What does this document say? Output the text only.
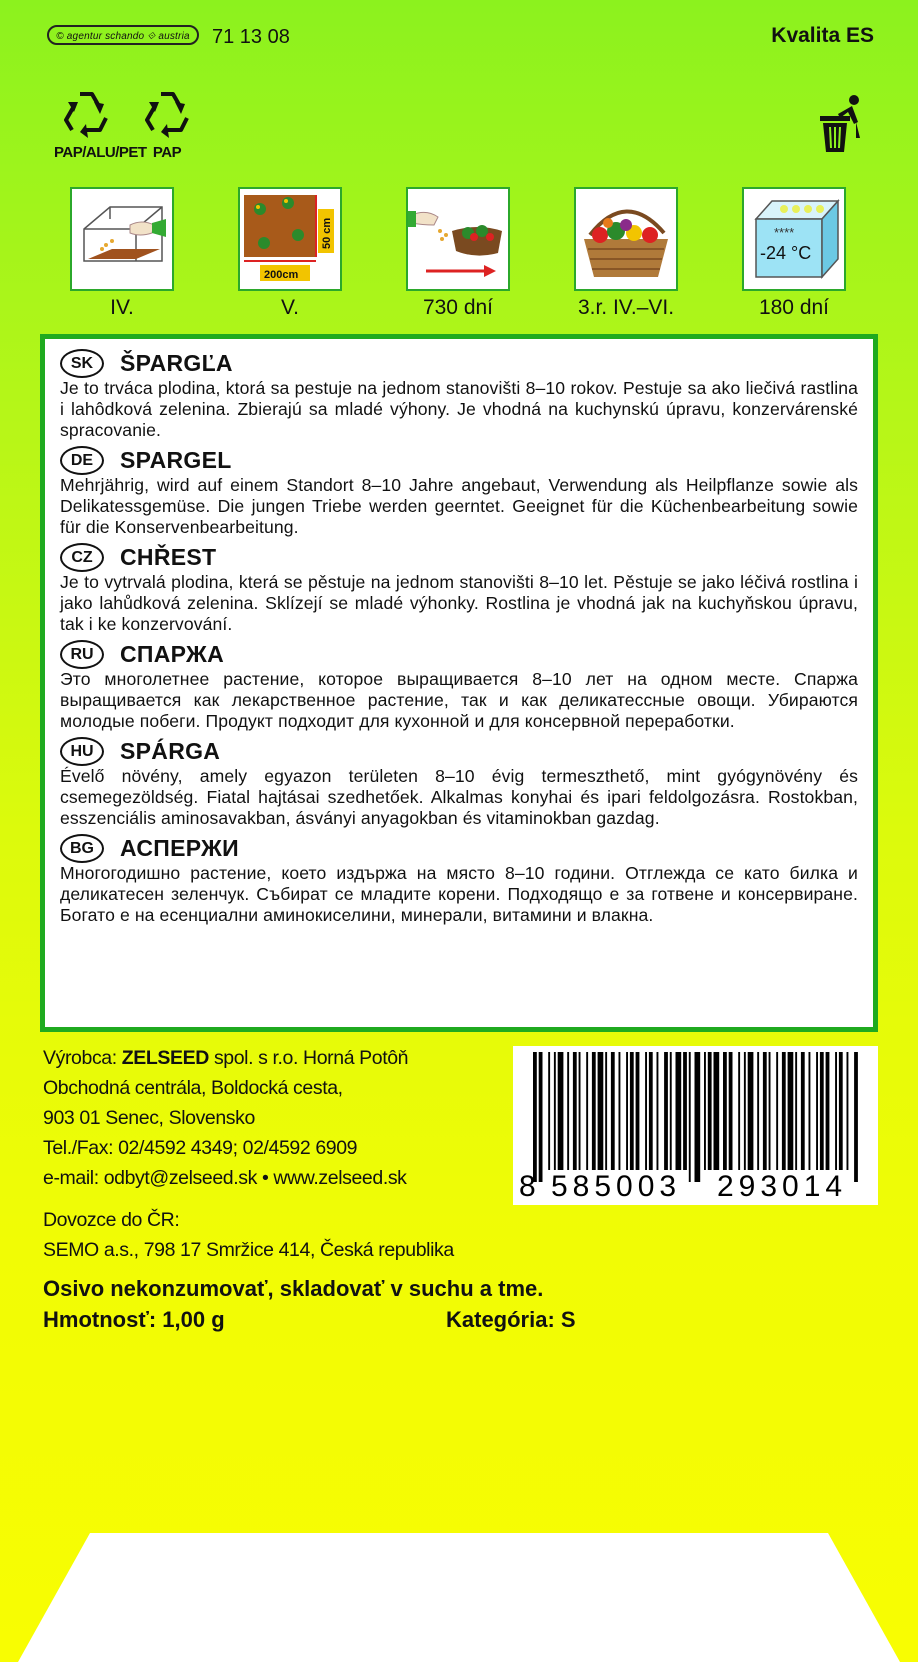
© agentur schando ⟐ austria	71 13 08	Kvalita ES
PAP/ALU/PET PAP
50 cm
200cm
****
-24 °C
IV.	V.	730 dní	3.r. IV.–VI.	180 dní
SK	ŠPARGĽA
Je to trváca plodina, ktorá sa pestuje na jednom stanovišti 8–10 rokov. Pestuje sa ako liečivá rastlina i lahôdková zelenina. Zbierajú sa mladé výhony. Je vhodná na kuchynskú úpravu, konzervárenské spracovanie.
DE	SPARGEL
Mehrjährig, wird auf einem Standort 8–10 Jahre angebaut, Verwendung als Heilpflanze sowie als Delikatessgemüse. Die jungen Triebe werden geerntet. Geeignet für die Küchenbearbeitung sowie für die Konservenbearbeitung.
CZ	CHŘEST
Je to vytrvalá plodina, která se pěstuje na jednom stanovišti 8–10 let. Pěstuje se jako léčivá rostlina i jako lahůdková zelenina. Sklízejí se mladé výhonky. Rostlina je vhodná jak na kuchyňskou úpravu, tak i ke konzervování.
RU	СПАРЖА
Это многолетнее растение, которое выращивается 8–10 лет на одном месте. Спаржа выращивается как лекарственное растение, так и как деликатессные овощи. Убираются молодые побеги. Продукт подходит для кухонной и для консервной переработки.
HU	SPÁRGA
Évelő növény, amely egyazon területen 8–10 évig termeszthető, mint gyógynövény és csemegezöldség. Fiatal hajtásai szedhetőek. Alkalmas konyhai és ipari feldolgozásra. Rostokban, esszenciális aminosavakban, ásványi anyagokban és vitaminokban gazdag.
BG	АСПЕРЖИ
Многогодишно растение, което издържа на място 8–10 години. Отглежда се като билка и деликатесен зеленчук. Събират се младите корени. Подходящо е за готвене и консервиране. Богато е на есенциални аминокиселини, минерали, витамини и влакна.
Výrobca: ZELSEED spol. s r.o. Horná Potôň
Obchodná centrála, Boldocká cesta,
903 01 Senec, Slovensko
Tel./Fax: 02/4592 4349; 02/4592 6909
e-mail: odbyt@zelseed.sk • www.zelseed.sk
Dovozce do ČR:
SEMO a.s., 798 17 Smržice 414, Česká republika
8 585003 293014
Osivo nekonzumovať, skladovať v suchu a tme.
Hmotnosť: 1,00 g	Kategória: S
